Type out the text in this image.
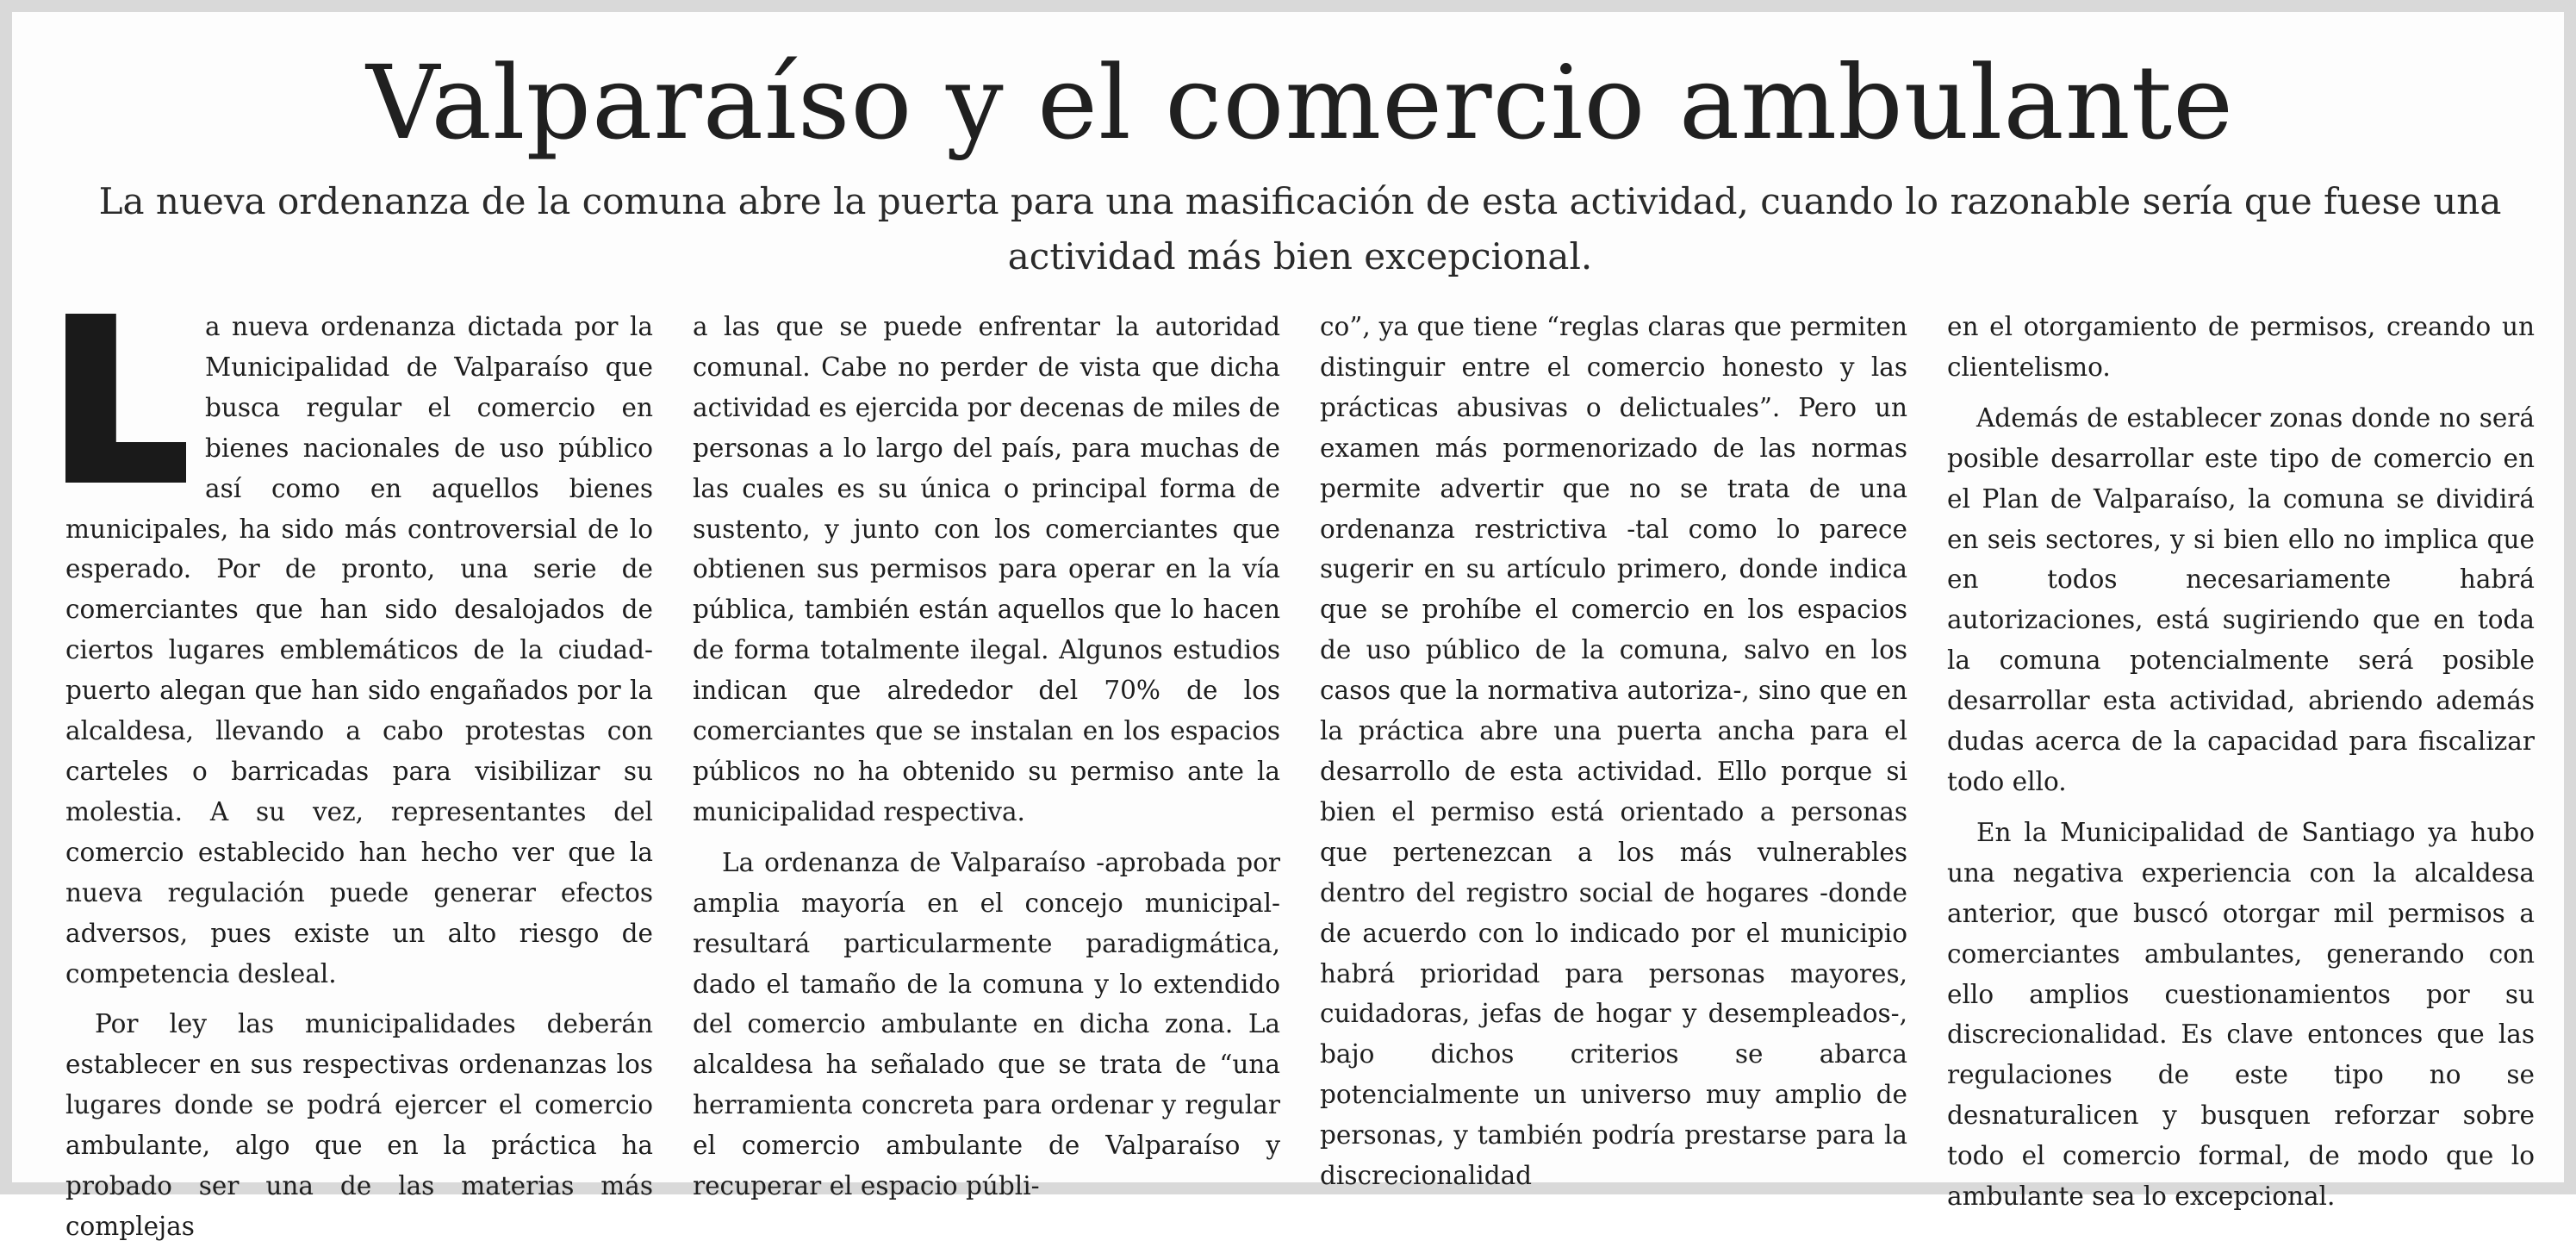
Valparaíso y el comercio ambulante

La nueva ordenanza de la comuna abre la puerta para una masificación de esta actividad, cuando lo razonable sería que fuese una actividad más bien excepcional.

a nueva ordenanza dictada por la Municipalidad de Valparaíso que busca regular el comercio en bienes nacionales de uso público así como en aquellos bienes municipales, ha sido más controversial de lo esperado. Por de pronto, una serie de comerciantes que han sido desalojados de ciertos lugares emblemáticos de la ciudad-puerto alegan que han sido engañados por la alcaldesa, llevando a cabo protestas con carteles o barricadas para visibilizar su molestia. A su vez, representantes del comercio establecido han hecho ver que la nueva regulación puede generar efectos adversos, pues existe un alto riesgo de competencia desleal.

Por ley las municipalidades deberán establecer en sus respectivas ordenanzas los lugares donde se podrá ejercer el comercio ambulante, algo que en la práctica ha probado ser una de las materias más complejas

a las que se puede enfrentar la autoridad comunal. Cabe no perder de vista que dicha actividad es ejercida por decenas de miles de personas a lo largo del país, para muchas de las cuales es su única o principal forma de sustento, y junto con los comerciantes que obtienen sus permisos para operar en la vía pública, también están aquellos que lo hacen de forma totalmente ilegal. Algunos estudios indican que alrededor del 70% de los comerciantes que se instalan en los espacios públicos no ha obtenido su permiso ante la municipalidad respectiva.

La ordenanza de Valparaíso -aprobada por amplia mayoría en el concejo municipal- resultará particularmente paradigmática, dado el tamaño de la comuna y lo extendido del comercio ambulante en dicha zona. La alcaldesa ha señalado que se trata de “una herramienta concreta para ordenar y regular el comercio ambulante de Valparaíso y recuperar el espacio públi-

co”, ya que tiene “reglas claras que permiten distinguir entre el comercio honesto y las prácticas abusivas o delictuales”. Pero un examen más pormenorizado de las normas permite advertir que no se trata de una ordenanza restrictiva -tal como lo parece sugerir en su artículo primero, donde indica que se prohíbe el comercio en los espacios de uso público de la comuna, salvo en los casos que la normativa autoriza-, sino que en la práctica abre una puerta ancha para el desarrollo de esta actividad. Ello porque si bien el permiso está orientado a personas que pertenezcan a los más vulnerables dentro del registro social de hogares -donde de acuerdo con lo indicado por el municipio habrá prioridad para personas mayores, cuidadoras, jefas de hogar y desempleados-, bajo dichos criterios se abarca potencialmente un universo muy amplio de personas, y también podría prestarse para la discrecionalidad

en el otorgamiento de permisos, creando un clientelismo.

Además de establecer zonas donde no será posible desarrollar este tipo de comercio en el Plan de Valparaíso, la comuna se dividirá en seis sectores, y si bien ello no implica que en todos necesariamente habrá autorizaciones, está sugiriendo que en toda la comuna potencialmente será posible desarrollar esta actividad, abriendo además dudas acerca de la capacidad para fiscalizar todo ello.

En la Municipalidad de Santiago ya hubo una negativa experiencia con la alcaldesa anterior, que buscó otorgar mil permisos a comerciantes ambulantes, generando con ello amplios cuestionamientos por su discrecionalidad. Es clave entonces que las regulaciones de este tipo no se desnaturalicen y busquen reforzar sobre todo el comercio formal, de modo que lo ambulante sea lo excepcional.
